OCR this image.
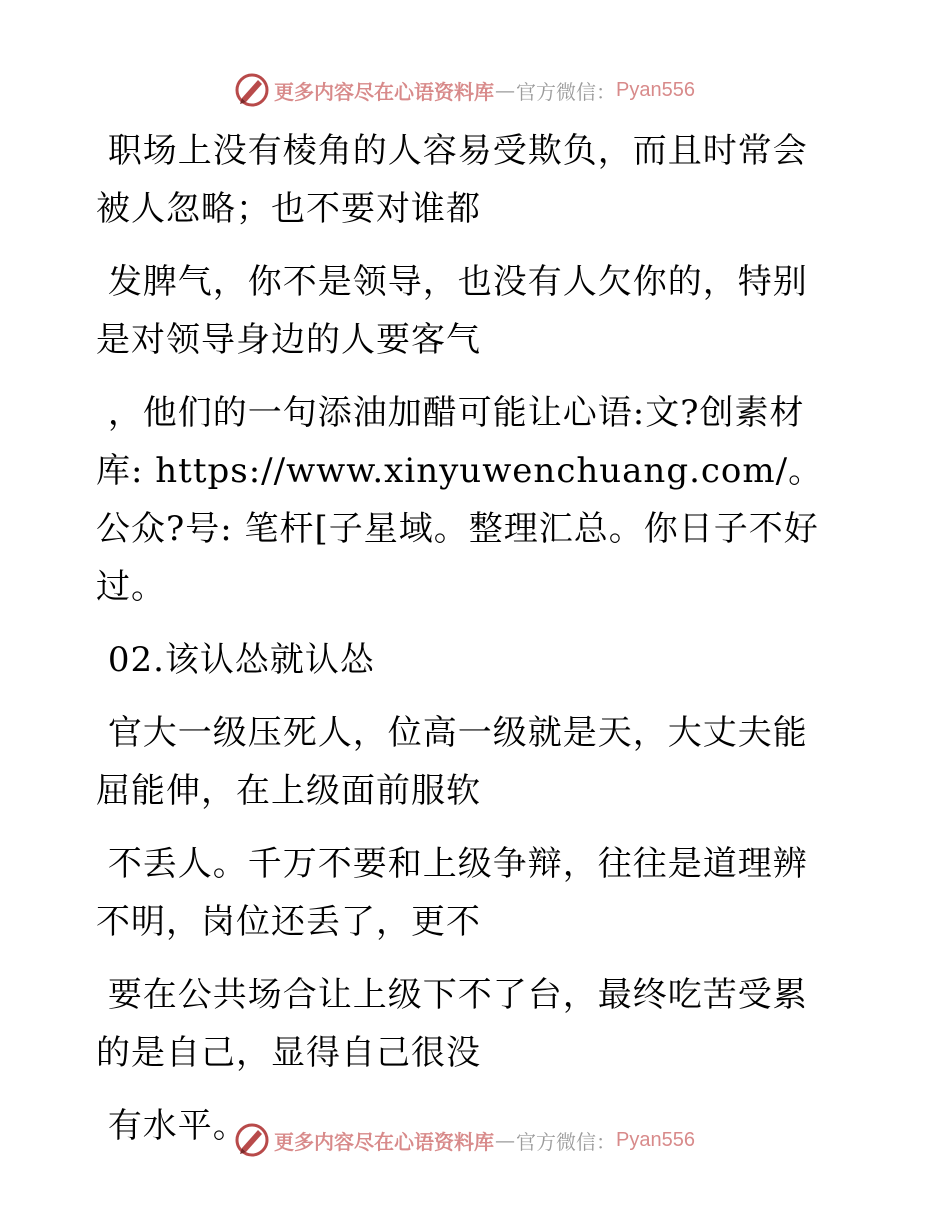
更多内容尽在心语资料库 — 官方微信： Pyan556

职场上没有棱角的人容易受欺负，而且时常会被人忽略；也不要对谁都

发脾气，你不是领导，也没有人欠你的，特别是对领导身边的人要客气

，他们的一句添油加醋可能让心语:文?创素材库: https://www.xinyuwenchuang.com/。公众?号: 笔杆[子星域。整理汇总。你日子不好过。

02.该认怂就认怂

官大一级压死人，位高一级就是天，大丈夫能屈能伸，在上级面前服软

不丢人。千万不要和上级争辩，往往是道理辨不明，岗位还丢了，更不

要在公共场合让上级下不了台，最终吃苦受累的是自己，显得自己很没

有水平。	更多内容尽在心语资料库 — 官方微信： Pyan556
